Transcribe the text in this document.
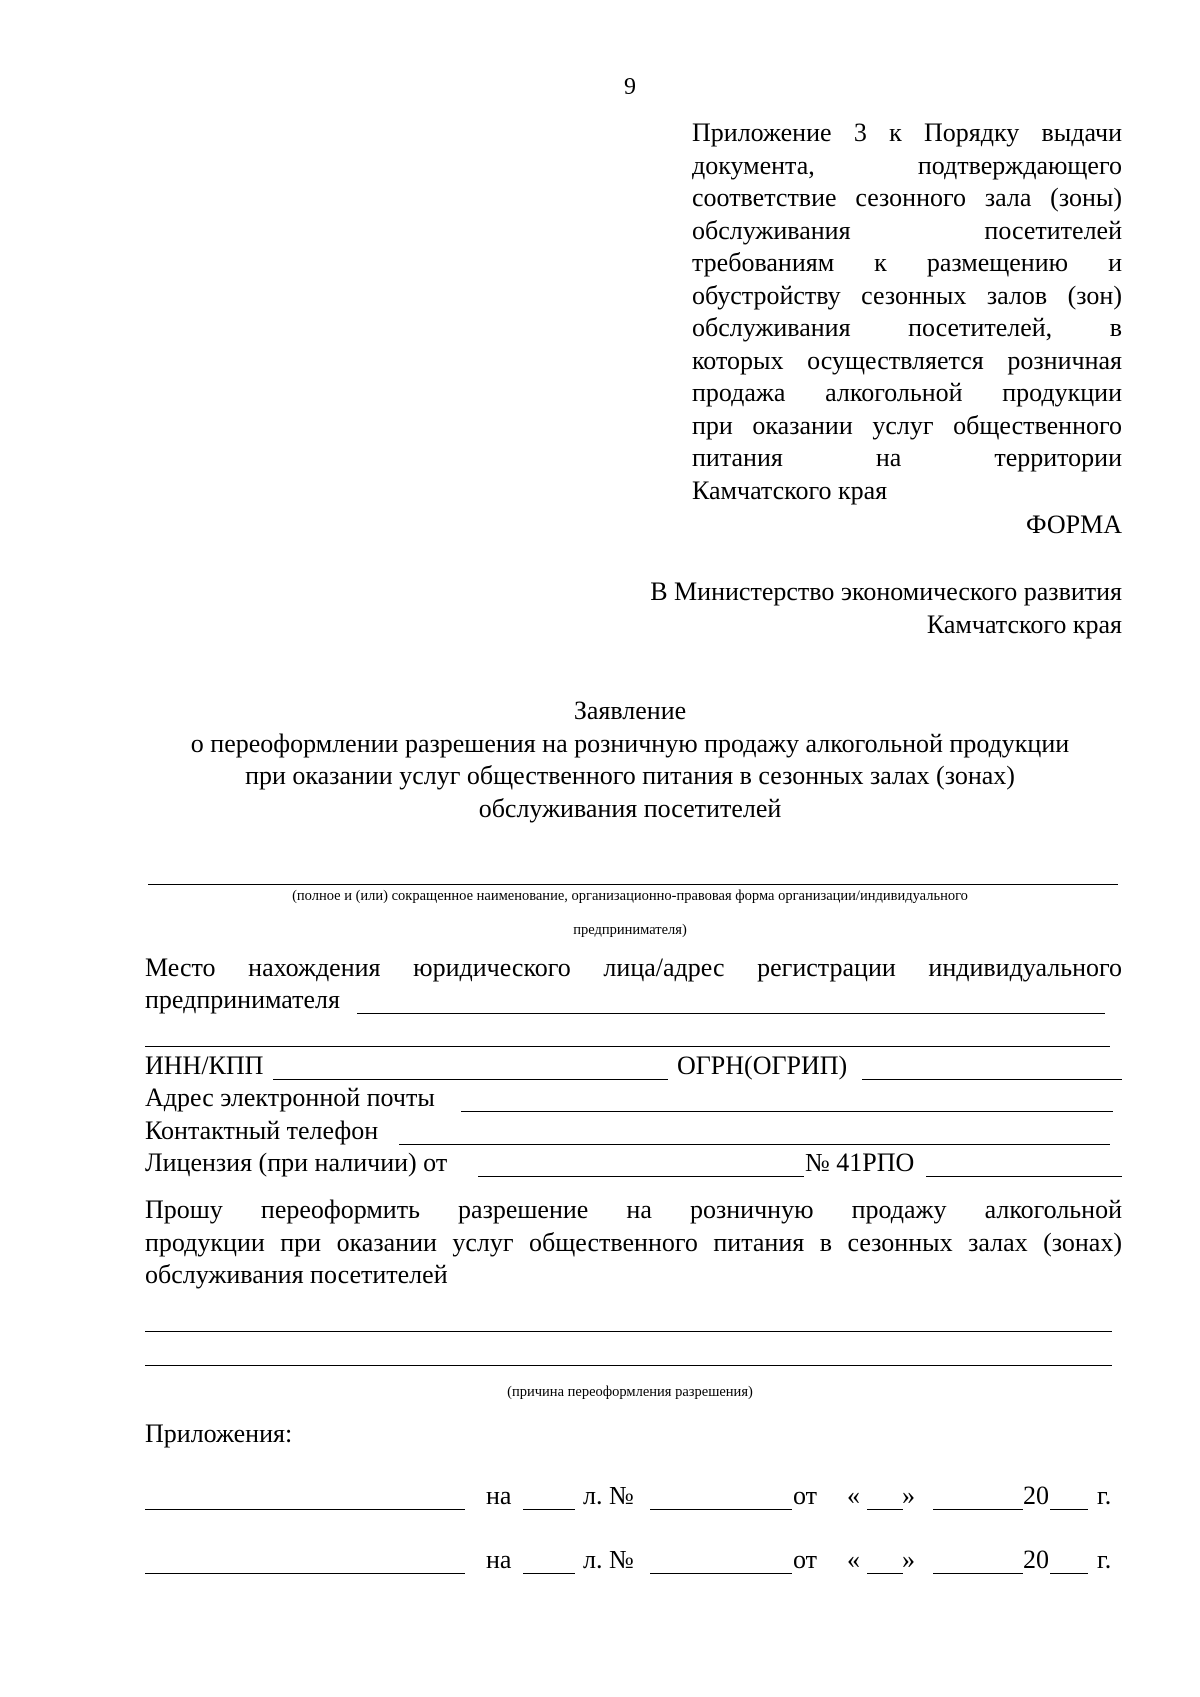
9
Приложение 3 к Порядку выдачи
документа, подтверждающего
соответствие сезонного зала (зоны)
обслуживания посетителей
требованиям к размещению и
обустройству сезонных залов (зон)
обслуживания посетителей, в
которых осуществляется розничная
продажа алкогольной продукции
при оказании услуг общественного
питания на территории
Камчатского края
ФОРМА
В Министерство экономического развития
Камчатского края
Заявление
о переоформлении разрешения на розничную продажу алкогольной продукции
при оказании услуг общественного питания в сезонных залах (зонах)
обслуживания посетителей
(полное и (или) сокращенное наименование, организационно-правовая форма организации/индивидуального
предпринимателя)
Место нахождения юридического лица/адрес регистрации индивидуального
предпринимателя
ИНН/КПП	ОГРН(ОГРИП)
Адрес электронной почты
Контактный телефон
Лицензия (при наличии) от	№ 41РПО
Прошу переоформить разрешение на розничную продажу алкогольной
продукции при оказании услуг общественного питания в сезонных залах (зонах)
обслуживания посетителей
(причина переоформления разрешения)
Приложения:
на	л. №	от « »	20 г.
на	л. №	от « »	20 г.
